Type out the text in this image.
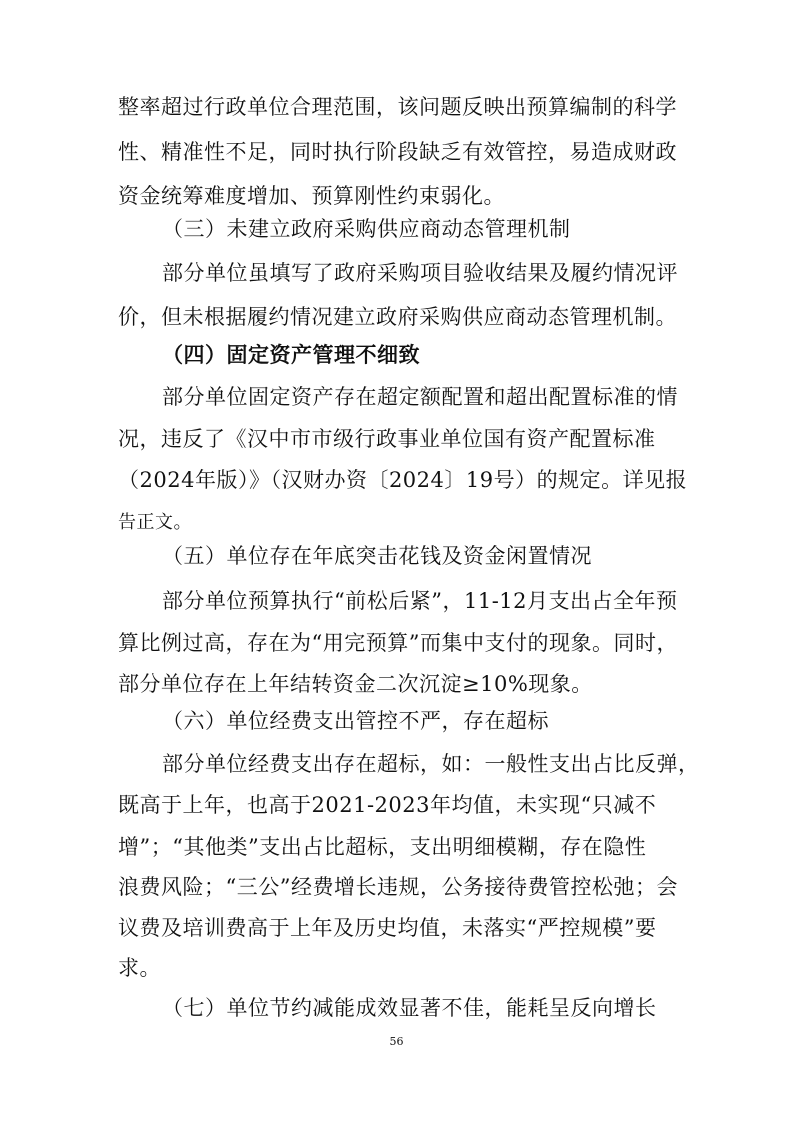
整率超过行政单位合理范围，该问题反映出预算编制的科学
性、精准性不足，同时执行阶段缺乏有效管控，易造成财政
资金统筹难度增加、预算刚性约束弱化。
（三）未建立政府采购供应商动态管理机制
部分单位虽填写了政府采购项目验收结果及履约情况评
价，但未根据履约情况建立政府采购供应商动态管理机制。
（四）固定资产管理不细致
部分单位固定资产存在超定额配置和超出配置标准的情
况，违反了《汉中市市级行政事业单位国有资产配置标准
（2024年版）》（汉财办资〔2024〕19号）的规定。详见报
告正文。
（五）单位存在年底突击花钱及资金闲置情况
部分单位预算执行“前松后紧”，11-12月支出占全年预
算比例过高，存在为“用完预算”而集中支付的现象。同时，
部分单位存在上年结转资金二次沉淀≥10%现象。
（六）单位经费支出管控不严，存在超标
部分单位经费支出存在超标，如：一般性支出占比反弹，
既高于上年，也高于2021-2023年均值，未实现“只减不
增”；“其他类”支出占比超标，支出明细模糊，存在隐性
浪费风险；“三公”经费增长违规，公务接待费管控松弛；会
议费及培训费高于上年及历史均值，未落实“严控规模”要
求。
（七）单位节约减能成效显著不佳，能耗呈反向增长
56
